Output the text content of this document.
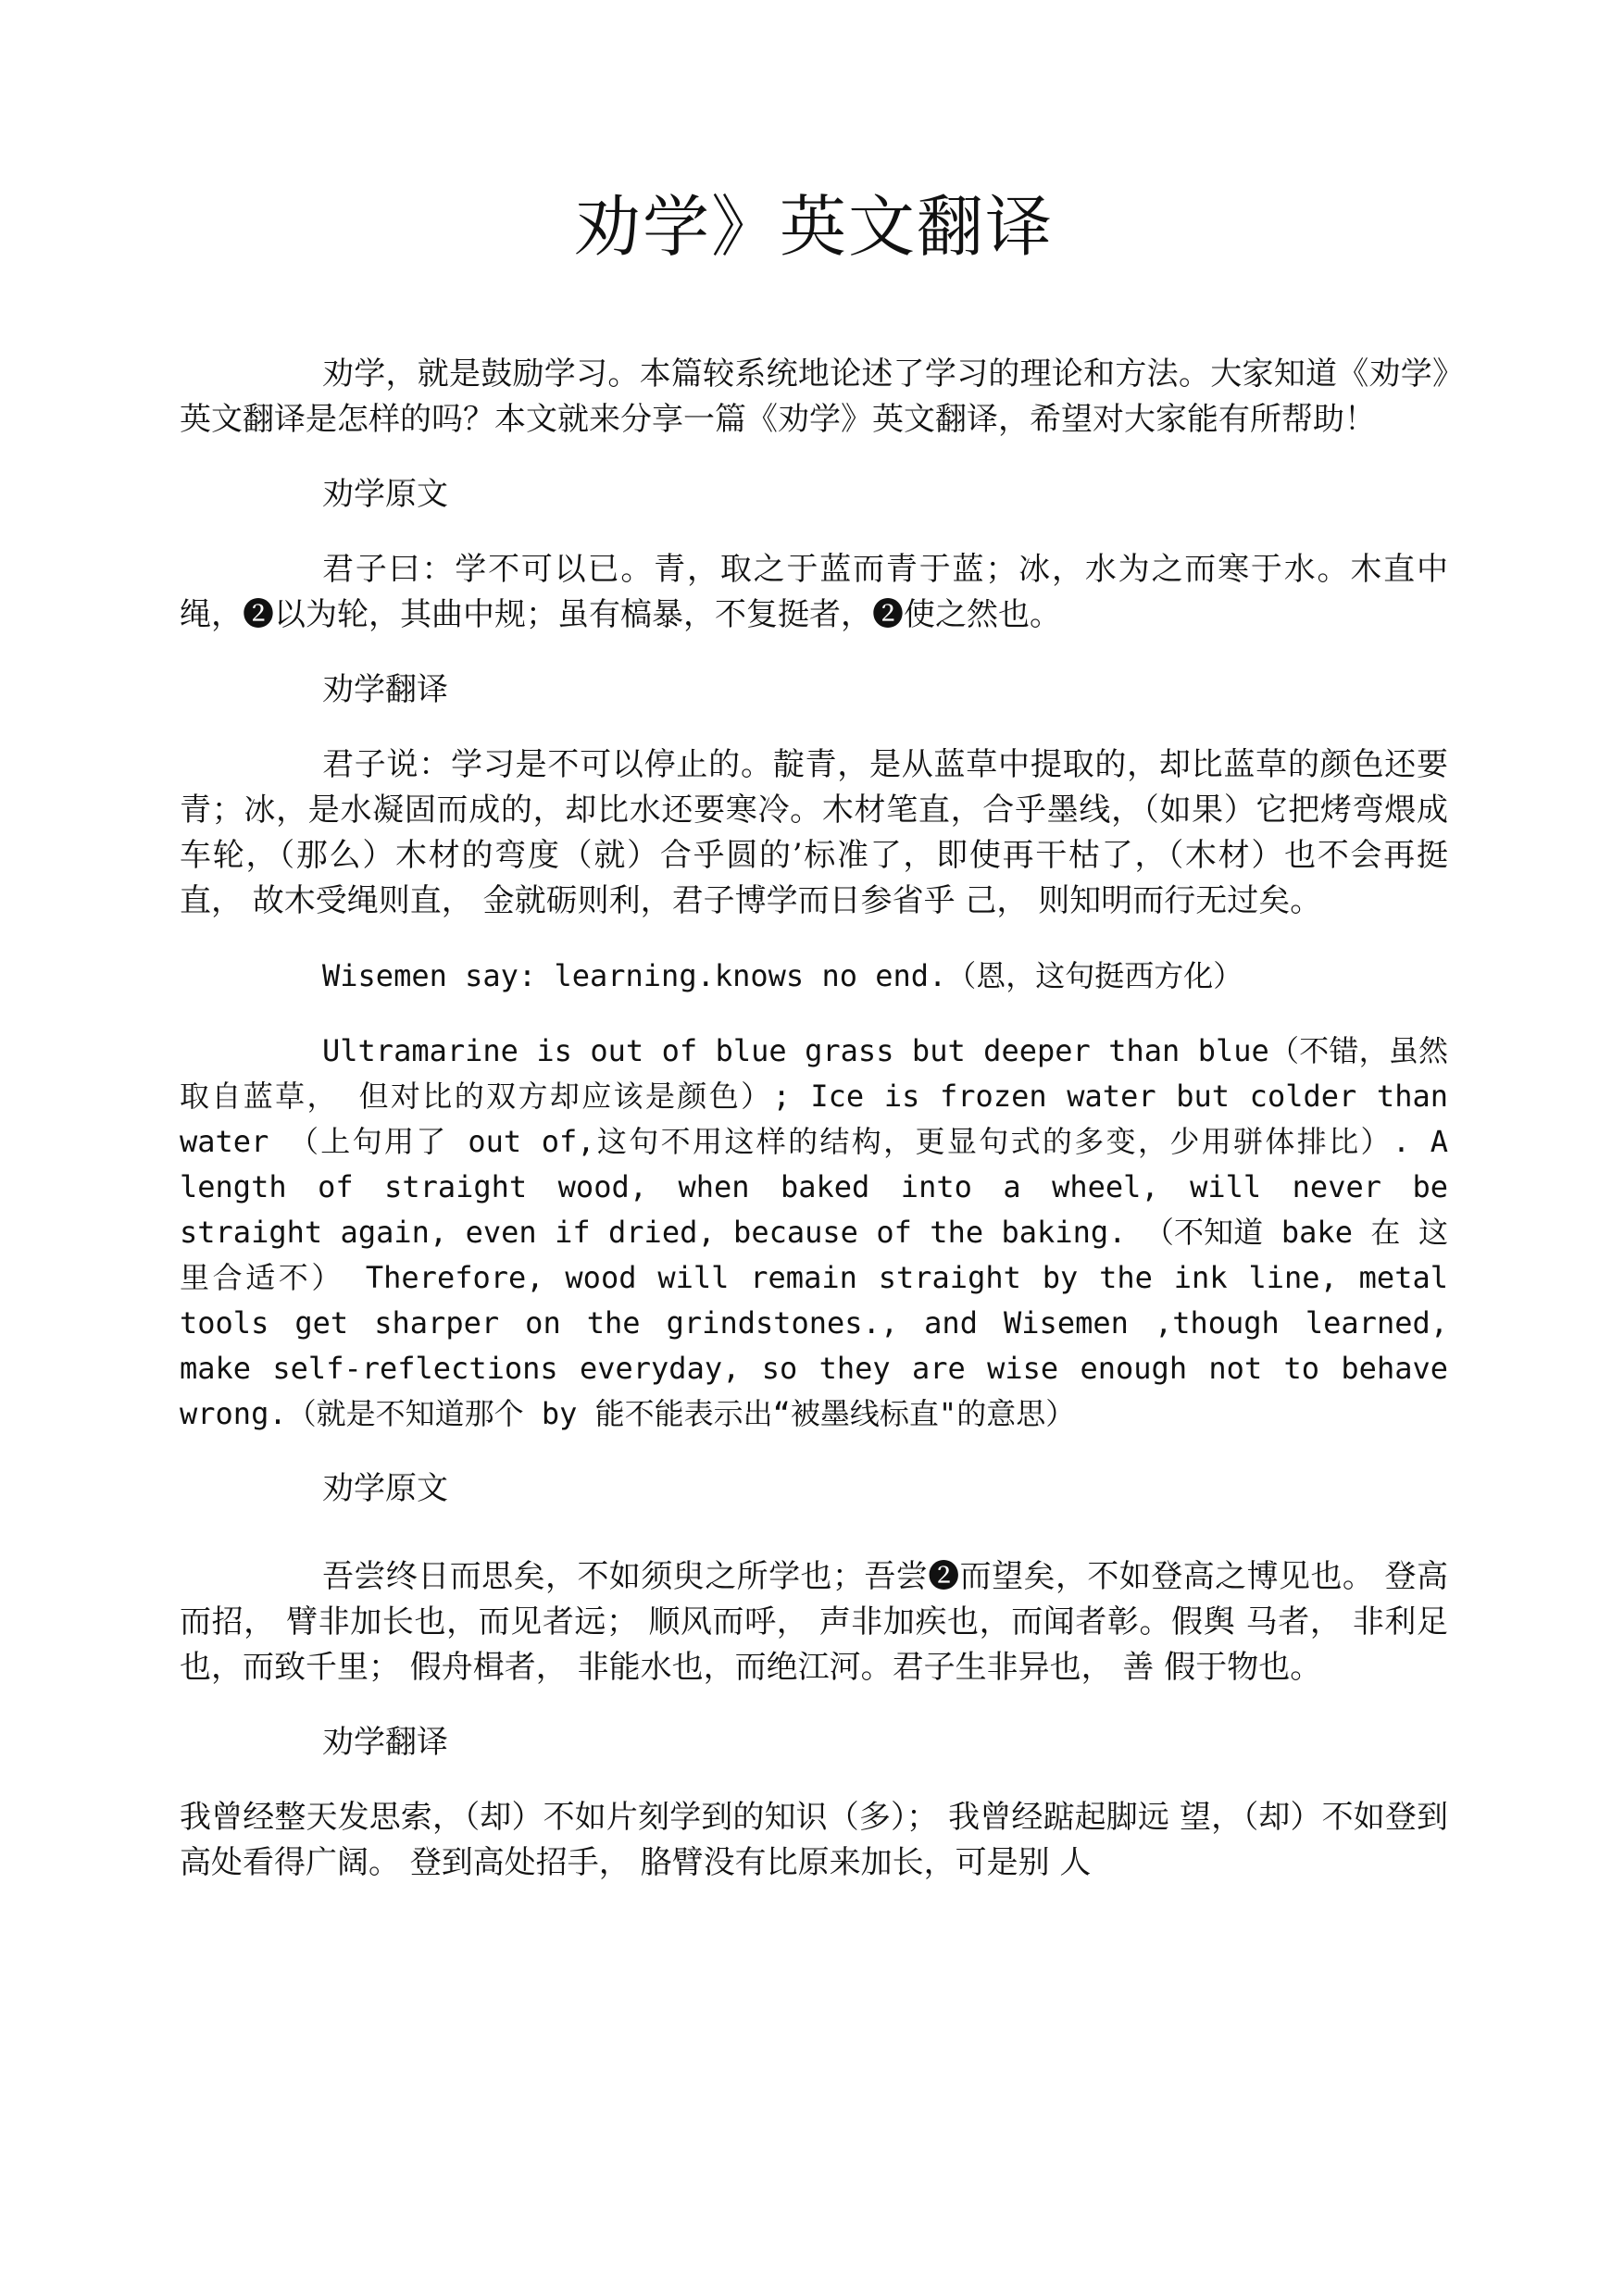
劝学》英文翻译

劝学，就是鼓励学习。本篇较系统地论述了学习的理论和方法。大家知道《劝学》英文翻译是怎样的吗？本文就来分享一篇《劝学》英文翻译，希望对大家能有所帮助！

劝学原文

君子曰：学不可以已。青，取之于蓝而青于蓝；冰，水为之而寒于水。木直中绳，❷以为轮，其曲中规；虽有槁暴，不复挺者，❷使之然也。

劝学翻译

君子说：学习是不可以停止的。靛青，是从蓝草中提取的，却比蓝草的颜色还要青；冰，是水凝固而成的，却比水还要寒冷。木材笔直，合乎墨线，（如果）它把烤弯煨成车轮，（那么）木材的弯度（就）合乎圆的’标准了，即使再干枯了，（木材）也不会再挺直， 故木受绳则直， 金就砺则利，君子博学而日参省乎 己， 则知明而行无过矣。

Wisemen say: learning.knows no end.（恩，这句挺西方化）

Ultramarine is out of blue grass but deeper than blue（不错，虽然取自蓝草， 但对比的双方却应该是颜色）; Ice is frozen water but colder than water （上句用了 out of,这句不用这样的结构，更显句式的多变，少用骈体排比）. A length of straight wood, when baked into a wheel, will never be straight again, even if dried, because of the baking. （不知道 bake 在 这里合适不） Therefore, wood will remain straight by the ink line, metal tools get sharper on the grindstones., and Wisemen ,though learned, make self-reflections everyday, so they are wise enough not to behave wrong.（就是不知道那个 by 能不能表示出“被墨线标直"的意思）

劝学原文

吾尝终日而思矣，不如须臾之所学也；吾尝❷而望矣，不如登高之博见也。 登高而招， 臂非加长也，而见者远； 顺风而呼， 声非加疾也，而闻者彰。假舆 马者， 非利足也，而致千里； 假舟楫者， 非能水也，而绝江河。君子生非异也， 善 假于物也。

劝学翻译

我曾经整天发思索，（却）不如片刻学到的知识（多）； 我曾经踮起脚远 望，（却）不如登到高处看得广阔。 登到高处招手， 胳臂没有比原来加长，可是别 人
